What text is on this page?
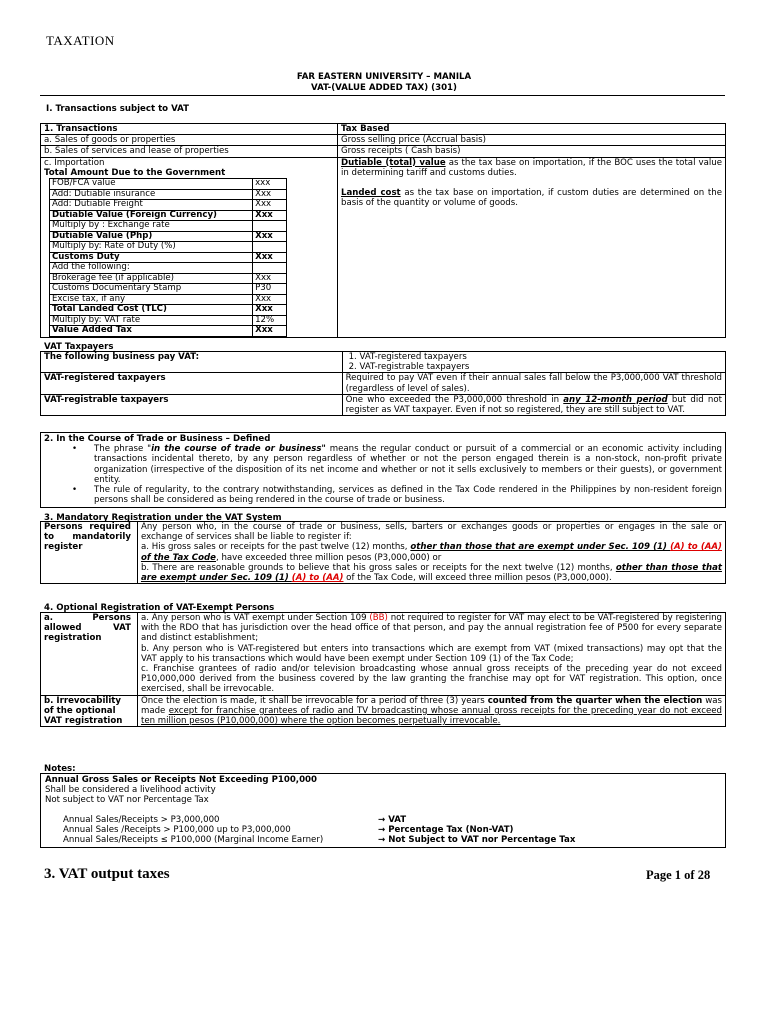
TAXATION
FAR EASTERN UNIVERSITY – MANILA
VAT-(VALUE ADDED TAX) (301)
I. Transactions subject to VAT
1. Transactions	Tax Based
a. Sales of goods or properties	Gross selling price (Accrual basis)
b. Sales of services and lease of properties	Gross receipts ( Cash basis)

c. Importation
Total Amount Due to the Government
FOB/FCA value	xxx
Add: Dutiable insurance	Xxx
Add: Dutiable Freight	Xxx
Dutiable Value (Foreign Currency)	Xxx
Multiply by : Exchange rate	
Dutiable Value (Php)	Xxx
Multiply by: Rate of Duty (%)	
Customs Duty	Xxx
Add the following:	
Brokerage fee (if applicable)	Xxx
Customs Documentary Stamp	P30
Excise tax, if any	Xxx
Total Landed Cost (TLC)	Xxx
Multiply by: VAT rate	12%
Value Added Tax	Xxx

Dutiable (total) value as the tax base on importation, if the BOC uses the total value in determining tariff and customs duties.
Landed cost as the tax base on importation, if custom duties are determined on the basis of the quantity or volume of goods.
VAT Taxpayers
The following business pay VAT:	1. VAT-registered taxpayers
2. VAT-registrable taxpayers

VAT-registered taxpayers	Required to pay VAT even if their annual sales fall below the P3,000,000 VAT threshold (regardless of level of sales).
VAT-registrable taxpayers	One who exceeded the P3,000,000 threshold in any 12-month period but did not register as VAT taxpayer. Even if not so registered, they are still subject to VAT.
2. In the Course of Trade or Business – Defined
• The phrase "in the course of trade or business" means the regular conduct or pursuit of a commercial or an economic activity including transactions incidental thereto, by any person regardless of whether or not the person engaged therein is a non-stock, non-profit private organization (irrespective of the disposition of its net income and whether or not it sells exclusively to members or their guests), or government entity.
• The rule of regularity, to the contrary notwithstanding, services as defined in the Tax Code rendered in the Philippines by non-resident foreign persons shall be considered as being rendered in the course of trade or business.
3. Mandatory Registration under the VAT System
Persons required to mandatorily register	
Any person who, in the course of trade or business, sells, barters or exchanges goods or properties or engages in the sale or exchange of services shall be liable to register if:
a. His gross sales or receipts for the past twelve (12) months, other than those that are exempt under Sec. 109 (1) (A) to (AA) of the Tax Code, have exceeded three million pesos (P3,000,000) or
b. There are reasonable grounds to believe that his gross sales or receipts for the next twelve (12) months, other than those that are exempt under Sec. 109 (1) (A) to (AA) of the Tax Code, will exceed three million pesos (P3,000,000).
4. Optional Registration of VAT-Exempt Persons
a. Persons allowed VAT registration	a. Any person who is VAT exempt under Section 109 (BB) not required to register for VAT may elect to be VAT-registered by registering with the RDO that has jurisdiction over the head office of that person, and pay the annual registration fee of P500 for every separate and distinct establishment;
b. Any person who is VAT-registered but enters into transactions which are exempt from VAT (mixed transactions) may opt that the VAT apply to his transactions which would have been exempt under Section 109 (1) of the Tax Code;
c. Franchise grantees of radio and/or television broadcasting whose annual gross receipts of the preceding year do not exceed P10,000,000 derived from the business covered by the law granting the franchise may opt for VAT registration. This option, once exercised, shall be irrevocable.

b. Irrevocability of the optional VAT registration	Once the election is made, it shall be irrevocable for a period of three (3) years counted from the quarter when the election was made except for franchise grantees of radio and TV broadcasting whose annual gross receipts for the preceding year do not exceed ten million pesos (P10,000,000) where the option becomes perpetually irrevocable.
Notes:
Annual Gross Sales or Receipts Not Exceeding P100,000
Shall be considered a livelihood activity
Not subject to VAT nor Percentage Tax
Annual Sales/Receipts > P3,000,000	→ VAT
Annual Sales /Receipts > P100,000 up to P3,000,000	→ Percentage Tax (Non-VAT)
Annual Sales/Receipts ≤ P100,000 (Marginal Income Earner)	→ Not Subject to VAT nor Percentage Tax
3. VAT output taxes	Page 1 of 28
